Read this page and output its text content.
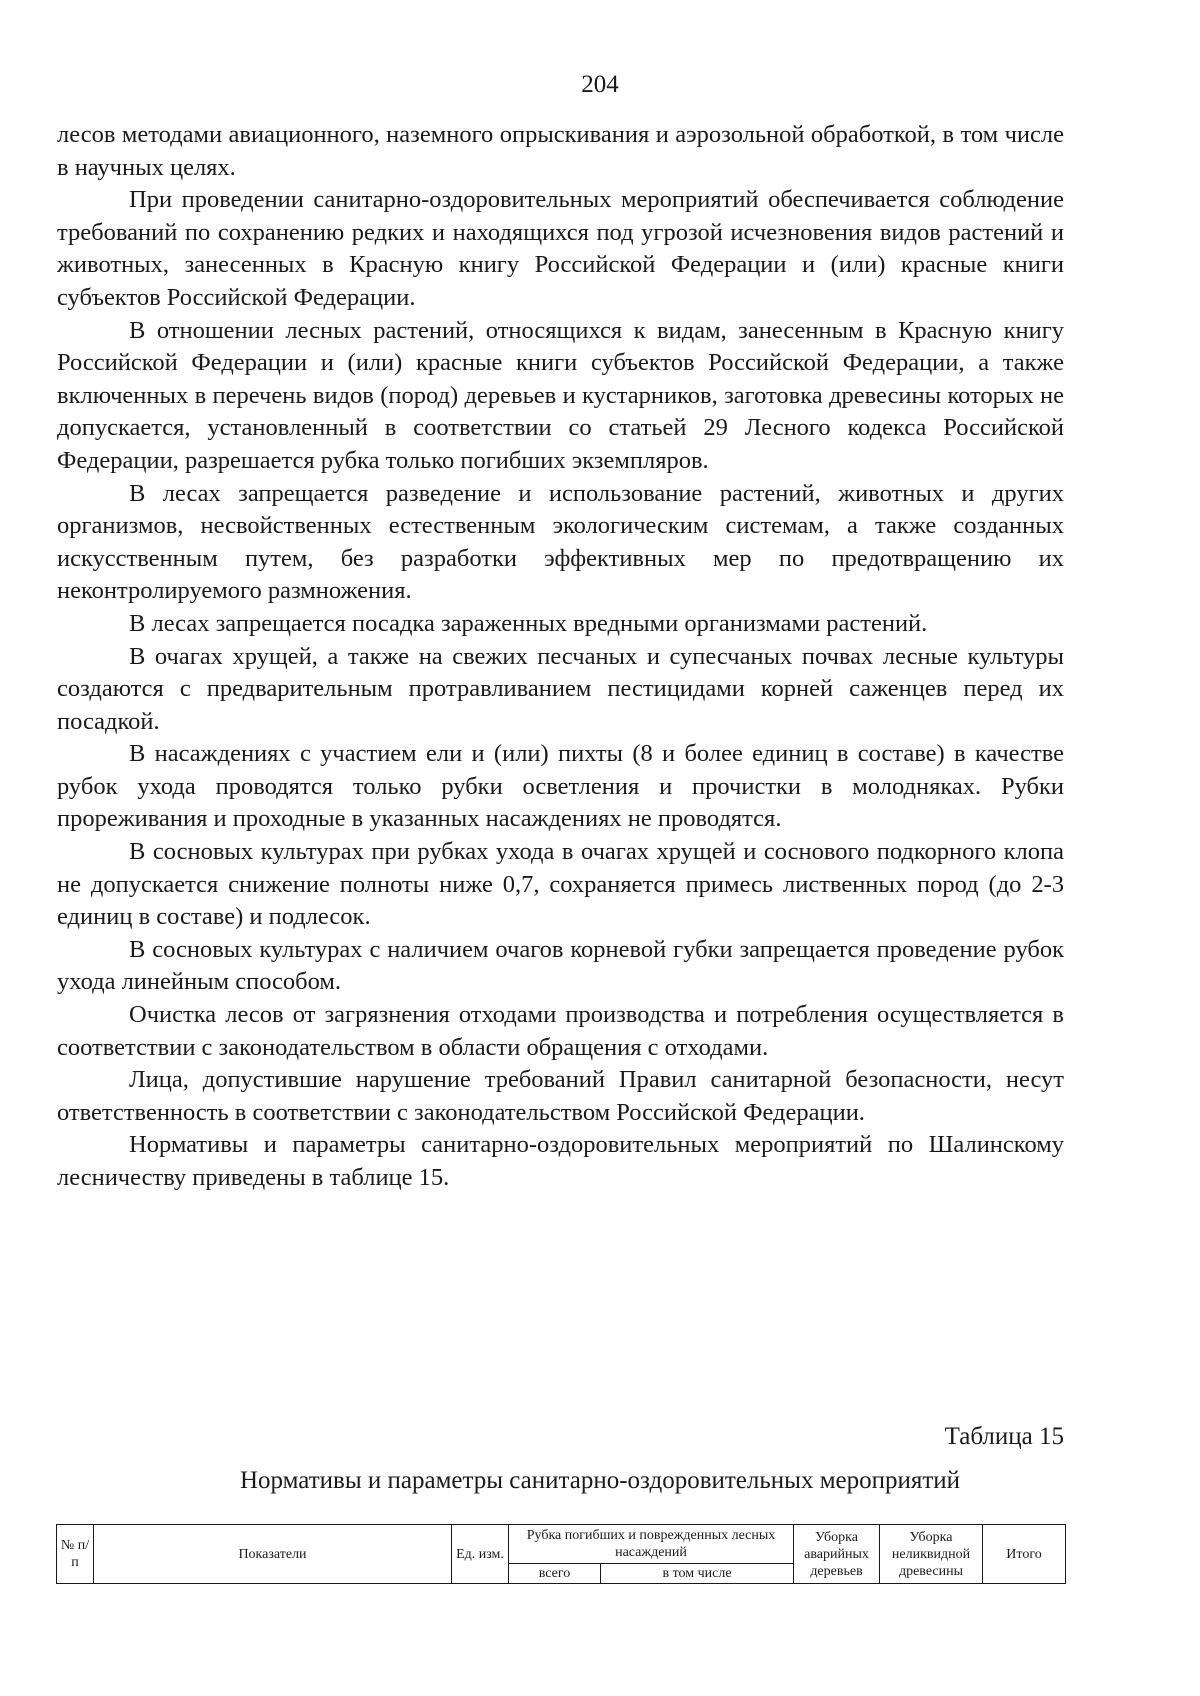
204

лесов методами авиационного, наземного опрыскивания и аэрозольной обработкой, в том числе в научных целях.

При проведении санитарно-оздоровительных мероприятий обеспечивается соблюдение требований по сохранению редких и находящихся под угрозой исчезновения видов растений и животных, занесенных в Красную книгу Российской Федерации и (или) красные книги субъектов Российской Федерации.

В отношении лесных растений, относящихся к видам, занесенным в Красную книгу Российской Федерации и (или) красные книги субъектов Российской Федерации, а также включенных в перечень видов (пород) деревьев и кустарников, заготовка древесины которых не допускается, установленный в соответствии со статьей 29 Лесного кодекса Российской Федерации, разрешается рубка только погибших экземпляров.

В лесах запрещается разведение и использование растений, животных и других организмов, несвойственных естественным экологическим системам, а также созданных искусственным путем, без разработки эффективных мер по предотвращению их неконтролируемого размножения.

В лесах запрещается посадка зараженных вредными организмами растений.

В очагах хрущей, а также на свежих песчаных и супесчаных почвах лесные культуры создаются с предварительным протравливанием пестицидами корней саженцев перед их посадкой.

В насаждениях с участием ели и (или) пихты (8 и более единиц в составе) в качестве рубок ухода проводятся только рубки осветления и прочистки в молодняках. Рубки прореживания и проходные в указанных насаждениях не проводятся.

В сосновых культурах при рубках ухода в очагах хрущей и соснового подкорного клопа не допускается снижение полноты ниже 0,7, сохраняется примесь лиственных пород (до 2-3 единиц в составе) и подлесок.

В сосновых культурах с наличием очагов корневой губки запрещается проведение рубок ухода линейным способом.

Очистка лесов от загрязнения отходами производства и потребления осуществляется в соответствии с законодательством в области обращения с отходами.

Лица, допустившие нарушение требований Правил санитарной безопасности, несут ответственность в соответствии с законодательством Российской Федерации.

Нормативы и параметры санитарно-оздоровительных мероприятий по Шалинскому лесничеству приведены в таблице 15.

Таблица 15
Нормативы и параметры санитарно-оздоровительных мероприятий
№ п/п	Показатели	Ед. изм.	Рубка погибших и поврежденных лесных насаждений		Уборка аварийных деревьев	Уборка неликвидной древесины	Итого
			всего	в том числе			
